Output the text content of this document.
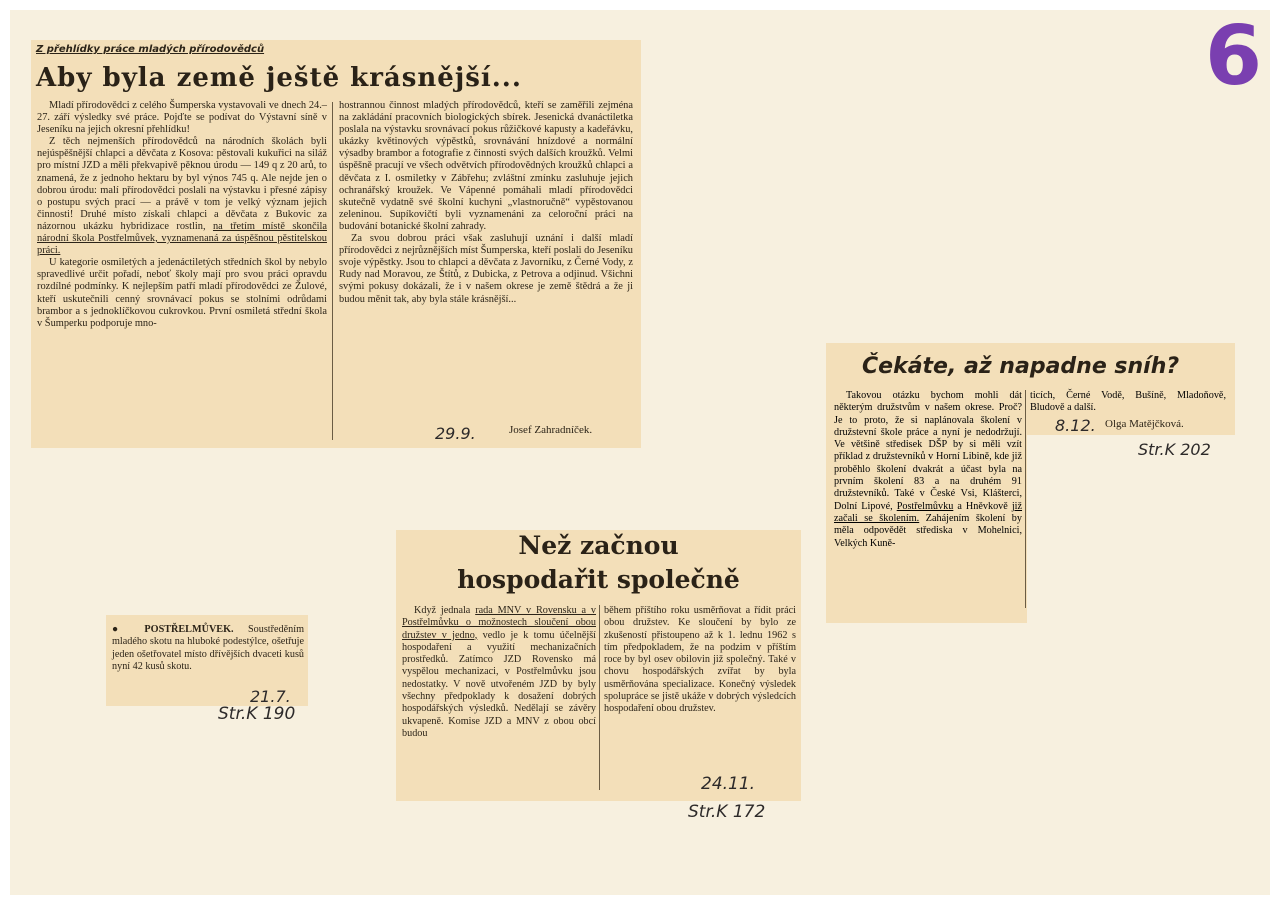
6
Z přehlídky práce mladých přírodovědců
Aby byla země ještě krásnější...

Mladí přírodovědci z celého Šumperska vystavovali ve dnech 24.–27. září výsledky své práce. Pojďte se podívat do Výstavní síně v Jeseníku na jejich okresní přehlídku!

Z těch nejmenších přírodovědců na národních školách byli nejúspěšnější chlapci a děvčata z Kosova: pěstovali kukuřici na siláž pro místní JZD a měli překvapivě pěknou úrodu — 149 q z 20 arů, to znamená, že z jednoho hektaru by byl výnos 745 q. Ale nejde jen o dobrou úrodu: malí přírodovědci poslali na výstavku i přesné zápisy o postupu svých prací — a právě v tom je velký význam jejich činnosti! Druhé místo získali chlapci a děvčata z Bukovic za názornou ukázku hybridizace rostlin, na třetím místě skončila národní škola Postřelmůvek, vyznamenaná za úspěšnou pěstitelskou práci.

U kategorie osmiletých a jedenáctiletých středních škol by nebylo spravedlivé určit pořadí, neboť školy mají pro svou práci opravdu rozdílné podmínky. K nejlepším patří mladí přírodovědci ze Žulové, kteří uskutečnili cenný srovnávací pokus se stolními odrůdami brambor a s jednoklíčkovou cukrovkou. První osmiletá střední škola v Šumperku podporuje mno-

hostrannou činnost mladých přírodovědců, kteří se zaměřili zejména na zakládání pracovních biologických sbírek. Jesenická dvanáctiletka poslala na výstavku srovnávací pokus růžičkové kapusty a kadeřávku, ukázky květinových výpěstků, srovnávání hnízdové a normální výsadby brambor a fotografie z činnosti svých dalších kroužků. Velmi úspěšně pracují ve všech odvětvích přírodovědných kroužků chlapci a děvčata z I. osmiletky v Zábřehu; zvláštní zmínku zasluhuje jejich ochranářský kroužek. Ve Vápenné pomáhali mladí přírodovědci skutečně vydatně své školní kuchyni „vlastnoručně“ vypěstovanou zeleninou. Supíkovičtí byli vyznamenáni za celoroční práci na budování botanické školní zahrady.

Za svou dobrou práci však zasluhují uznání i další mladí přírodovědci z nejrůznějších míst Šumperska, kteří poslali do Jeseníku svoje výpěstky. Jsou to chlapci a děvčata z Javorníku, z Černé Vody, z Rudy nad Moravou, ze Štítů, z Dubicka, z Petrova a odjinud. Všichni svými pokusy dokázali, že i v našem okrese je země štědrá a že ji budou měnit tak, aby byla stále krásnější...

Josef Zahradníček.
29.9.
Čekáte, až napadne sníh?

Takovou otázku bychom mohli dát některým družstvům v našem okrese. Proč? Je to proto, že si naplánovala školení v družstevní škole práce a nyní je nedodržují. Ve většině středisek DŠP by si měli vzít příklad z družstevníků v Horní Libině, kde již proběhlo školení dvakrát a účast byla na prvním školení 83 a na druhém 91 družstevníků. Také v České Vsi, Klášterci, Dolní Lipové, Postřelmůvku a Hněvkově již začali se školením. Zahájením školení by měla odpovědět střediska v Mohelnici, Velkých Kuně-

ticích, Černé Vodě, Bušíně, Mladoňově, Bludově a další.

8.12. Olga Matějčková.
Str.K 202
Než začnou
hospodařit společně

Když jednala rada MNV v Rovensku a v Postřelmůvku o možnostech sloučení obou družstev v jedno, vedlo je k tomu účelnější hospodaření a využití mechanizačních prostředků. Zatímco JZD Rovensko má vyspělou mechanizaci, v Postřelmůvku jsou nedostatky. V nově utvořeném JZD by byly všechny předpoklady k dosažení dobrých hospodářských výsledků. Nedělají se závěry ukvapeně. Komise JZD a MNV z obou obcí budou

během příštího roku usměrňovat a řídit práci obou družstev. Ke sloučení by bylo ze zkušeností přistoupeno až k 1. lednu 1962 s tím předpokladem, že na podzim v příštím roce by byl osev obilovin již společný. Také v chovu hospodářských zvířat by byla usměrňována specializace. Konečný výsledek spolupráce se jistě ukáže v dobrých výsledcích hospodaření obou družstev.

24.11.
Str.K 172

● POSTŘELMŮVEK. Soustředěním mladého skotu na hluboké podestýlce, ošetřuje jeden ošetřovatel místo dřívějších dvaceti kusů nyní 42 kusů skotu.

21.7.
Str.K 190
